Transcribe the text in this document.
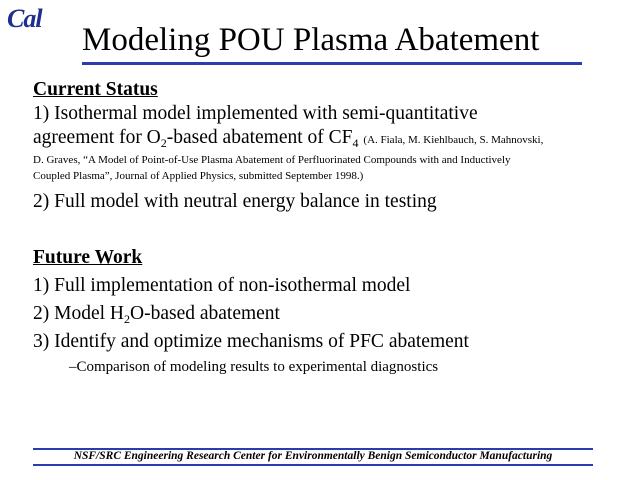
Cal
Modeling POU Plasma Abatement
Current Status
1) Isothermal model implemented with semi-quantitative
agreement for $O_2$-based abatement of $CF_4$ (A. Fiala, M. Kiehlbauch, S. Mahnovski,
D. Graves, “A Model of Point-of-Use Plasma Abatement of Perfluorinated Compounds with and Inductively
Coupled Plasma”, Journal of Applied Physics, submitted September 1998.)
2) Full model with neutral energy balance in testing
Future Work
1) Full implementation of non-isothermal model
2) Model $H_2O$-based abatement
3) Identify and optimize mechanisms of PFC abatement
–Comparison of modeling results to experimental diagnostics
NSF/SRC Engineering Research Center for Environmentally Benign Semiconductor Manufacturing
